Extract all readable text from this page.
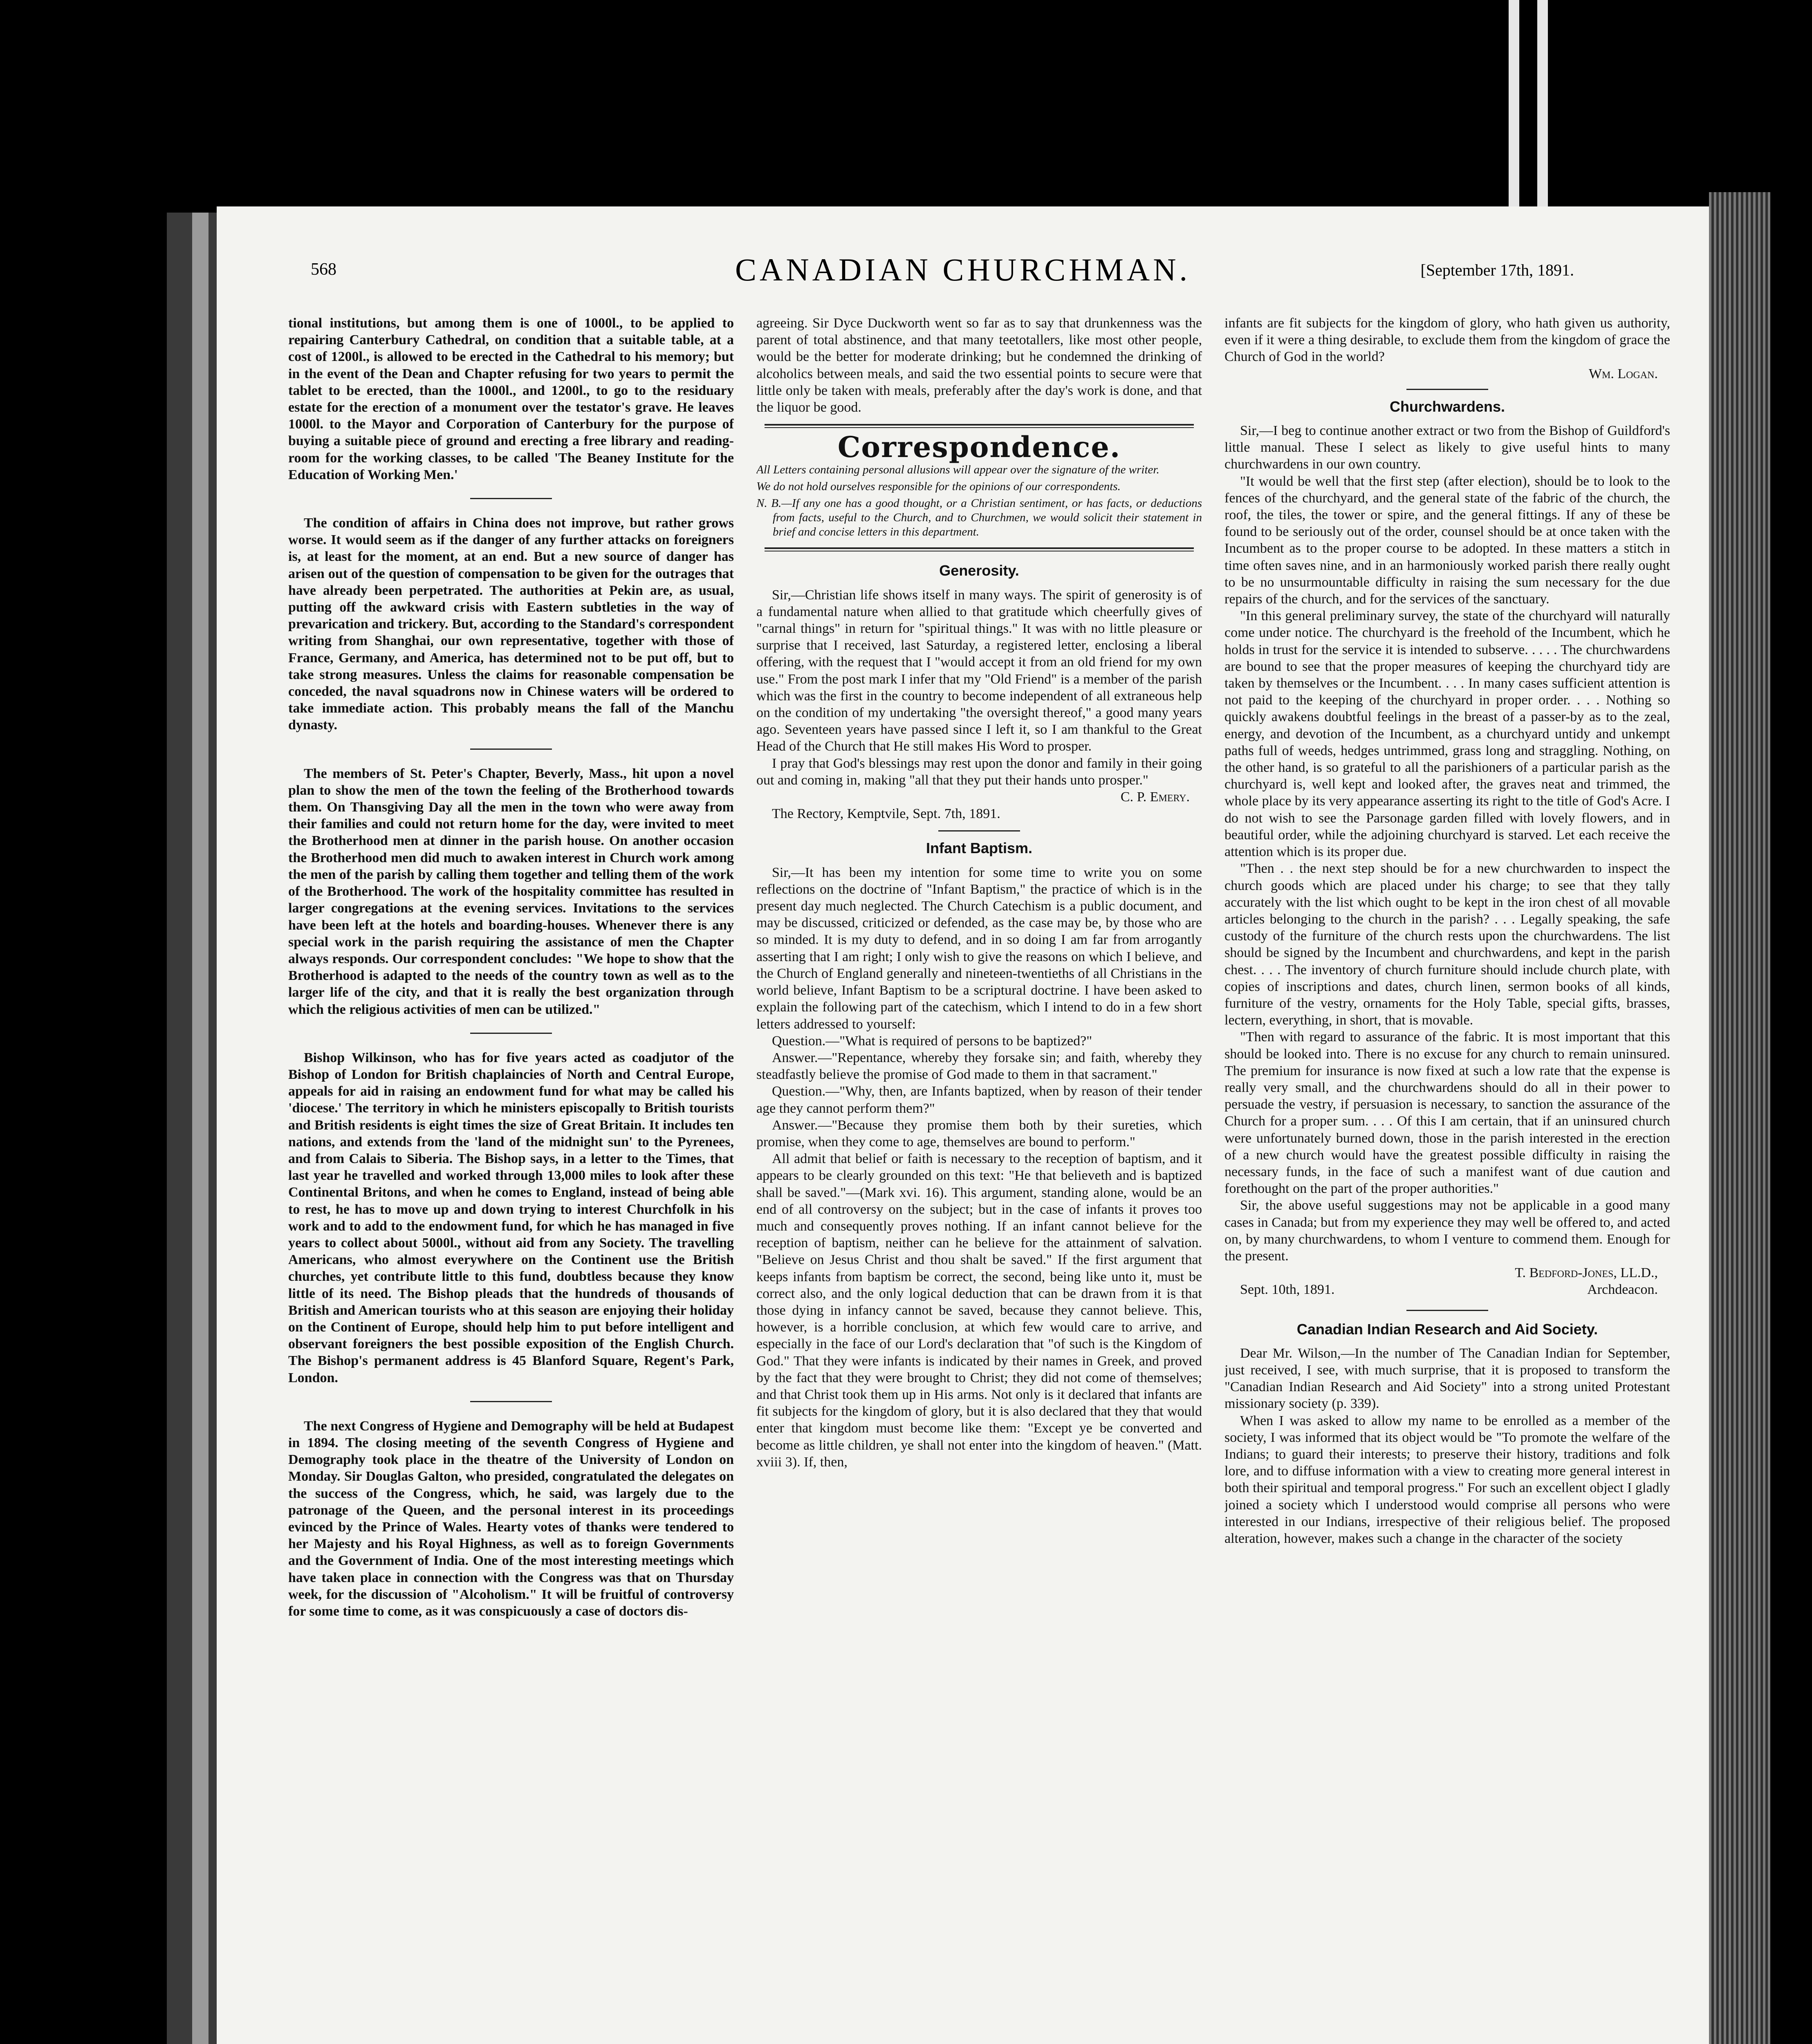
568	CANADIAN CHURCHMAN.	[September 17th, 1891.

tional institutions, but among them is one of 1000l., to be applied to repairing Canterbury Cathedral, on condition that a suitable table, at a cost of 1200l., is allowed to be erected in the Cathedral to his memory; but in the event of the Dean and Chapter refusing for two years to permit the tablet to be erected, than the 1000l., and 1200l., to go to the residuary estate for the erection of a monument over the testator's grave. He leaves 1000l. to the Mayor and Corporation of Canterbury for the purpose of buying a suitable piece of ground and erecting a free library and reading-room for the working classes, to be called 'The Beaney Institute for the Education of Working Men.'

The condition of affairs in China does not improve, but rather grows worse. It would seem as if the danger of any further attacks on foreigners is, at least for the moment, at an end. But a new source of danger has arisen out of the question of compensation to be given for the outrages that have already been perpetrated. The authorities at Pekin are, as usual, putting off the awkward crisis with Eastern subtleties in the way of prevarication and trickery. But, according to the Standard's correspondent writing from Shanghai, our own representative, together with those of France, Germany, and America, has determined not to be put off, but to take strong measures. Unless the claims for reasonable compensation be conceded, the naval squadrons now in Chinese waters will be ordered to take immediate action. This probably means the fall of the Manchu dynasty.

The members of St. Peter's Chapter, Beverly, Mass., hit upon a novel plan to show the men of the town the feeling of the Brotherhood towards them. On Thansgiving Day all the men in the town who were away from their families and could not return home for the day, were invited to meet the Brotherhood men at dinner in the parish house. On another occasion the Brotherhood men did much to awaken interest in Church work among the men of the parish by calling them together and telling them of the work of the Brotherhood. The work of the hospitality committee has resulted in larger congregations at the evening services. Invitations to the services have been left at the hotels and boarding-houses. Whenever there is any special work in the parish requiring the assistance of men the Chapter always responds. Our correspondent concludes: "We hope to show that the Brotherhood is adapted to the needs of the country town as well as to the larger life of the city, and that it is really the best organization through which the religious activities of men can be utilized."

Bishop Wilkinson, who has for five years acted as coadjutor of the Bishop of London for British chaplaincies of North and Central Europe, appeals for aid in raising an endowment fund for what may be called his 'diocese.' The territory in which he ministers episcopally to British tourists and British residents is eight times the size of Great Britain. It includes ten nations, and extends from the 'land of the midnight sun' to the Pyrenees, and from Calais to Siberia. The Bishop says, in a letter to the Times, that last year he travelled and worked through 13,000 miles to look after these Continental Britons, and when he comes to England, instead of being able to rest, he has to move up and down trying to interest Churchfolk in his work and to add to the endowment fund, for which he has managed in five years to collect about 5000l., without aid from any Society. The travelling Americans, who almost everywhere on the Continent use the British churches, yet contribute little to this fund, doubtless because they know little of its need. The Bishop pleads that the hundreds of thousands of British and American tourists who at this season are enjoying their holiday on the Continent of Europe, should help him to put before intelligent and observant foreigners the best possible exposition of the English Church. The Bishop's permanent address is 45 Blanford Square, Regent's Park, London.

The next Congress of Hygiene and Demography will be held at Budapest in 1894. The closing meeting of the seventh Congress of Hygiene and Demography took place in the theatre of the University of London on Monday. Sir Douglas Galton, who presided, congratulated the delegates on the success of the Congress, which, he said, was largely due to the patronage of the Queen, and the personal interest in its proceedings evinced by the Prince of Wales. Hearty votes of thanks were tendered to her Majesty and his Royal Highness, as well as to foreign Governments and the Government of India. One of the most interesting meetings which have taken place in connection with the Congress was that on Thursday week, for the discussion of "Alcoholism." It will be fruitful of controversy for some time to come, as it was conspicuously a case of doctors dis-

agreeing. Sir Dyce Duckworth went so far as to say that drunkenness was the parent of total abstinence, and that many teetotallers, like most other people, would be the better for moderate drinking; but he condemned the drinking of alcoholics between meals, and said the two essential points to secure were that little only be taken with meals, preferably after the day's work is done, and that the liquor be good.

Correspondence.

All Letters containing personal allusions will appear over the signature of the writer.

We do not hold ourselves responsible for the opinions of our correspondents.

N. B.—If any one has a good thought, or a Christian sentiment, or has facts, or deductions from facts, useful to the Church, and to Churchmen, we would solicit their statement in brief and concise letters in this department.

Generosity.

Sir,—Christian life shows itself in many ways. The spirit of generosity is of a fundamental nature when allied to that gratitude which cheerfully gives of "carnal things" in return for "spiritual things." It was with no little pleasure or surprise that I received, last Saturday, a registered letter, enclosing a liberal offering, with the request that I "would accept it from an old friend for my own use." From the post mark I infer that my "Old Friend" is a member of the parish which was the first in the country to become independent of all extraneous help on the condition of my undertaking "the oversight thereof," a good many years ago. Seventeen years have passed since I left it, so I am thankful to the Great Head of the Church that He still makes His Word to prosper.

I pray that God's blessings may rest upon the donor and family in their going out and coming in, making "all that they put their hands unto prosper."

C. P. Emery.

The Rectory, Kemptvile, Sept. 7th, 1891.

Infant Baptism.

Sir,—It has been my intention for some time to write you on some reflections on the doctrine of "Infant Baptism," the practice of which is in the present day much neglected. The Church Catechism is a public document, and may be discussed, criticized or defended, as the case may be, by those who are so minded. It is my duty to defend, and in so doing I am far from arrogantly asserting that I am right; I only wish to give the reasons on which I believe, and the Church of England generally and nineteen-twentieths of all Christians in the world believe, Infant Baptism to be a scriptural doctrine. I have been asked to explain the following part of the catechism, which I intend to do in a few short letters addressed to yourself:

Question.—"What is required of persons to be baptized?"

Answer.—"Repentance, whereby they forsake sin; and faith, whereby they steadfastly believe the promise of God made to them in that sacrament."

Question.—"Why, then, are Infants baptized, when by reason of their tender age they cannot perform them?"

Answer.—"Because they promise them both by their sureties, which promise, when they come to age, themselves are bound to perform."

All admit that belief or faith is necessary to the reception of baptism, and it appears to be clearly grounded on this text: "He that believeth and is baptized shall be saved."—(Mark xvi. 16). This argument, standing alone, would be an end of all controversy on the subject; but in the case of infants it proves too much and consequently proves nothing. If an infant cannot believe for the reception of baptism, neither can he believe for the attainment of salvation. "Believe on Jesus Christ and thou shalt be saved." If the first argument that keeps infants from baptism be correct, the second, being like unto it, must be correct also, and the only logical deduction that can be drawn from it is that those dying in infancy cannot be saved, because they cannot believe. This, however, is a horrible conclusion, at which few would care to arrive, and especially in the face of our Lord's declaration that "of such is the Kingdom of God." That they were infants is indicated by their names in Greek, and proved by the fact that they were brought to Christ; they did not come of themselves; and that Christ took them up in His arms. Not only is it declared that infants are fit subjects for the kingdom of glory, but it is also declared that they that would enter that kingdom must become like them: "Except ye be converted and become as little children, ye shall not enter into the kingdom of heaven." (Matt. xviii 3). If, then,

infants are fit subjects for the kingdom of glory, who hath given us authority, even if it were a thing desirable, to exclude them from the kingdom of grace the Church of God in the world?

Wm. Logan.

Churchwardens.

Sir,—I beg to continue another extract or two from the Bishop of Guildford's little manual. These I select as likely to give useful hints to many churchwardens in our own country.

"It would be well that the first step (after election), should be to look to the fences of the churchyard, and the general state of the fabric of the church, the roof, the tiles, the tower or spire, and the general fittings. If any of these be found to be seriously out of the order, counsel should be at once taken with the Incumbent as to the proper course to be adopted. In these matters a stitch in time often saves nine, and in an harmoniously worked parish there really ought to be no unsurmountable difficulty in raising the sum necessary for the due repairs of the church, and for the services of the sanctuary.

"In this general preliminary survey, the state of the churchyard will naturally come under notice. The churchyard is the freehold of the Incumbent, which he holds in trust for the service it is intended to subserve. . . . . The churchwardens are bound to see that the proper measures of keeping the churchyard tidy are taken by themselves or the Incumbent. . . . In many cases sufficient attention is not paid to the keeping of the churchyard in proper order. . . . Nothing so quickly awakens doubtful feelings in the breast of a passer-by as to the zeal, energy, and devotion of the Incumbent, as a churchyard untidy and unkempt paths full of weeds, hedges untrimmed, grass long and straggling. Nothing, on the other hand, is so grateful to all the parishioners of a particular parish as the churchyard is, well kept and looked after, the graves neat and trimmed, the whole place by its very appearance asserting its right to the title of God's Acre. I do not wish to see the Parsonage garden filled with lovely flowers, and in beautiful order, while the adjoining churchyard is starved. Let each receive the attention which is its proper due.

"Then . . the next step should be for a new churchwarden to inspect the church goods which are placed under his charge; to see that they tally accurately with the list which ought to be kept in the iron chest of all movable articles belonging to the church in the parish? . . . Legally speaking, the safe custody of the furniture of the church rests upon the churchwardens. The list should be signed by the Incumbent and churchwardens, and kept in the parish chest. . . . The inventory of church furniture should include church plate, with copies of inscriptions and dates, church linen, sermon books of all kinds, furniture of the vestry, ornaments for the Holy Table, special gifts, brasses, lectern, everything, in short, that is movable.

"Then with regard to assurance of the fabric. It is most important that this should be looked into. There is no excuse for any church to remain uninsured. The premium for insurance is now fixed at such a low rate that the expense is really very small, and the churchwardens should do all in their power to persuade the vestry, if persuasion is necessary, to sanction the assurance of the Church for a proper sum. . . . Of this I am certain, that if an uninsured church were unfortunately burned down, those in the parish interested in the erection of a new church would have the greatest possible difficulty in raising the necessary funds, in the face of such a manifest want of due caution and forethought on the part of the proper authorities."

Sir, the above useful suggestions may not be applicable in a good many cases in Canada; but from my experience they may well be offered to, and acted on, by many churchwardens, to whom I venture to commend them. Enough for the present.

T. Bedford-Jones, LL.D.,

Sept. 10th, 1891.	Archdeacon.

Canadian Indian Research and Aid Society.

Dear Mr. Wilson,—In the number of The Canadian Indian for September, just received, I see, with much surprise, that it is proposed to transform the "Canadian Indian Research and Aid Society" into a strong united Protestant missionary society (p. 339).

When I was asked to allow my name to be enrolled as a member of the society, I was informed that its object would be "To promote the welfare of the Indians; to guard their interests; to preserve their history, traditions and folk lore, and to diffuse information with a view to creating more general interest in both their spiritual and temporal progress." For such an excellent object I gladly joined a society which I understood would comprise all persons who were interested in our Indians, irrespective of their religious belief. The proposed alteration, however, makes such a change in the character of the society
